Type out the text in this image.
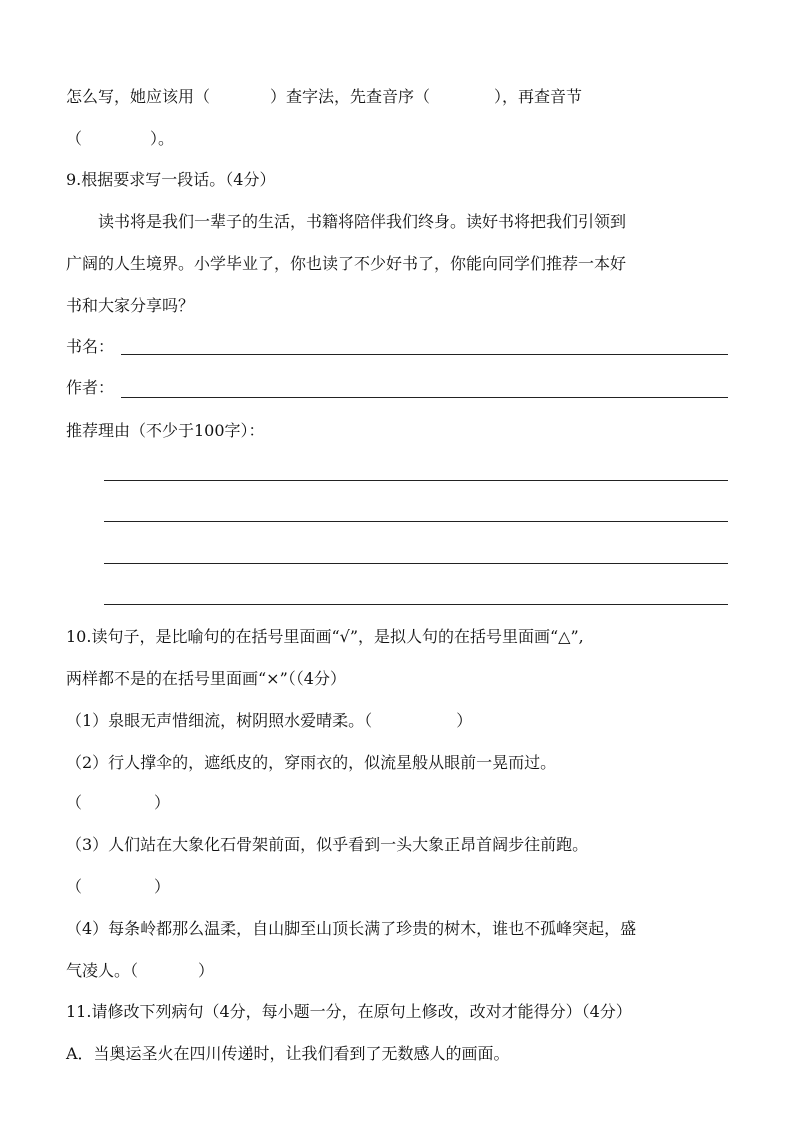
怎么写，她应该用（	）查字法，先查音序（	），再查音节
（	）。
9.根据要求写一段话。（4分）
读书将是我们一辈子的生活，书籍将陪伴我们终身。读好书将把我们引领到
广阔的人生境界。小学毕业了，你也读了不少好书了，你能向同学们推荐一本好
书和大家分享吗？
书名：
作者：
推荐理由（不少于100字）：
10.读句子，是比喻句的在括号里面画“√”，是拟人句的在括号里面画“△”,
两样都不是的在括号里面画“×”（（4分）
（1）泉眼无声惜细流，树阴照水爱晴柔。（	）
（2）行人撑伞的，遮纸皮的，穿雨衣的，似流星般从眼前一晃而过。
（	）
（3）人们站在大象化石骨架前面，似乎看到一头大象正昂首阔步往前跑。
（	）
（4）每条岭都那么温柔，自山脚至山顶长满了珍贵的树木，谁也不孤峰突起，盛
气凌人。（	）
11.请修改下列病句（4分，每小题一分，在原句上修改，改对才能得分）（4分）
A．当奥运圣火在四川传递时，让我们看到了无数感人的画面。
